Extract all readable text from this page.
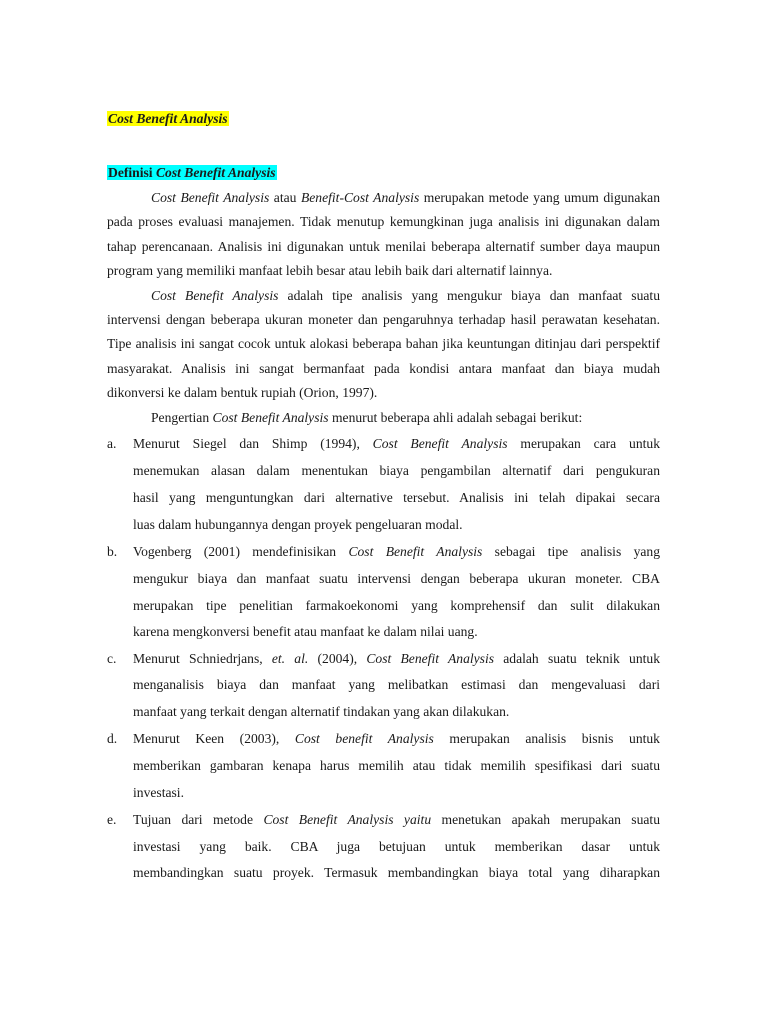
Cost Benefit Analysis
Definisi Cost Benefit Analysis
Cost Benefit Analysis atau Benefit-Cost Analysis merupakan metode yang umum digunakan
pada proses evaluasi manajemen. Tidak menutup kemungkinan juga analisis ini digunakan dalam
tahap perencanaan. Analisis ini digunakan untuk menilai beberapa alternatif sumber daya maupun
program yang memiliki manfaat lebih besar atau lebih baik dari alternatif lainnya.
Cost Benefit Analysis adalah tipe analisis yang mengukur biaya dan manfaat suatu
intervensi dengan beberapa ukuran moneter dan pengaruhnya terhadap hasil perawatan kesehatan.
Tipe analisis ini sangat cocok untuk alokasi beberapa bahan jika keuntungan ditinjau dari perspektif
masyarakat. Analisis ini sangat bermanfaat pada kondisi antara manfaat dan biaya mudah
dikonversi ke dalam bentuk rupiah (Orion, 1997).
Pengertian Cost Benefit Analysis menurut beberapa ahli adalah sebagai berikut:
a. Menurut Siegel dan Shimp (1994), Cost Benefit Analysis merupakan cara untuk
menemukan alasan dalam menentukan biaya pengambilan alternatif dari pengukuran
hasil yang menguntungkan dari alternative tersebut. Analisis ini telah dipakai secara
luas dalam hubungannya dengan proyek pengeluaran modal.
b. Vogenberg (2001) mendefinisikan Cost Benefit Analysis sebagai tipe analisis yang
mengukur biaya dan manfaat suatu intervensi dengan beberapa ukuran moneter. CBA
merupakan tipe penelitian farmakoekonomi yang komprehensif dan sulit dilakukan
karena mengkonversi benefit atau manfaat ke dalam nilai uang.
c. Menurut Schniedrjans, et. al. (2004), Cost Benefit Analysis adalah suatu teknik untuk
menganalisis biaya dan manfaat yang melibatkan estimasi dan mengevaluasi dari
manfaat yang terkait dengan alternatif tindakan yang akan dilakukan.
d. Menurut Keen (2003), Cost benefit Analysis merupakan analisis bisnis untuk
memberikan gambaran kenapa harus memilih atau tidak memilih spesifikasi dari suatu
investasi.
e. Tujuan dari metode Cost Benefit Analysis yaitu menetukan apakah merupakan suatu
investasi yang baik. CBA juga betujuan untuk memberikan dasar untuk
membandingkan suatu proyek. Termasuk membandingkan biaya total yang diharapkan
